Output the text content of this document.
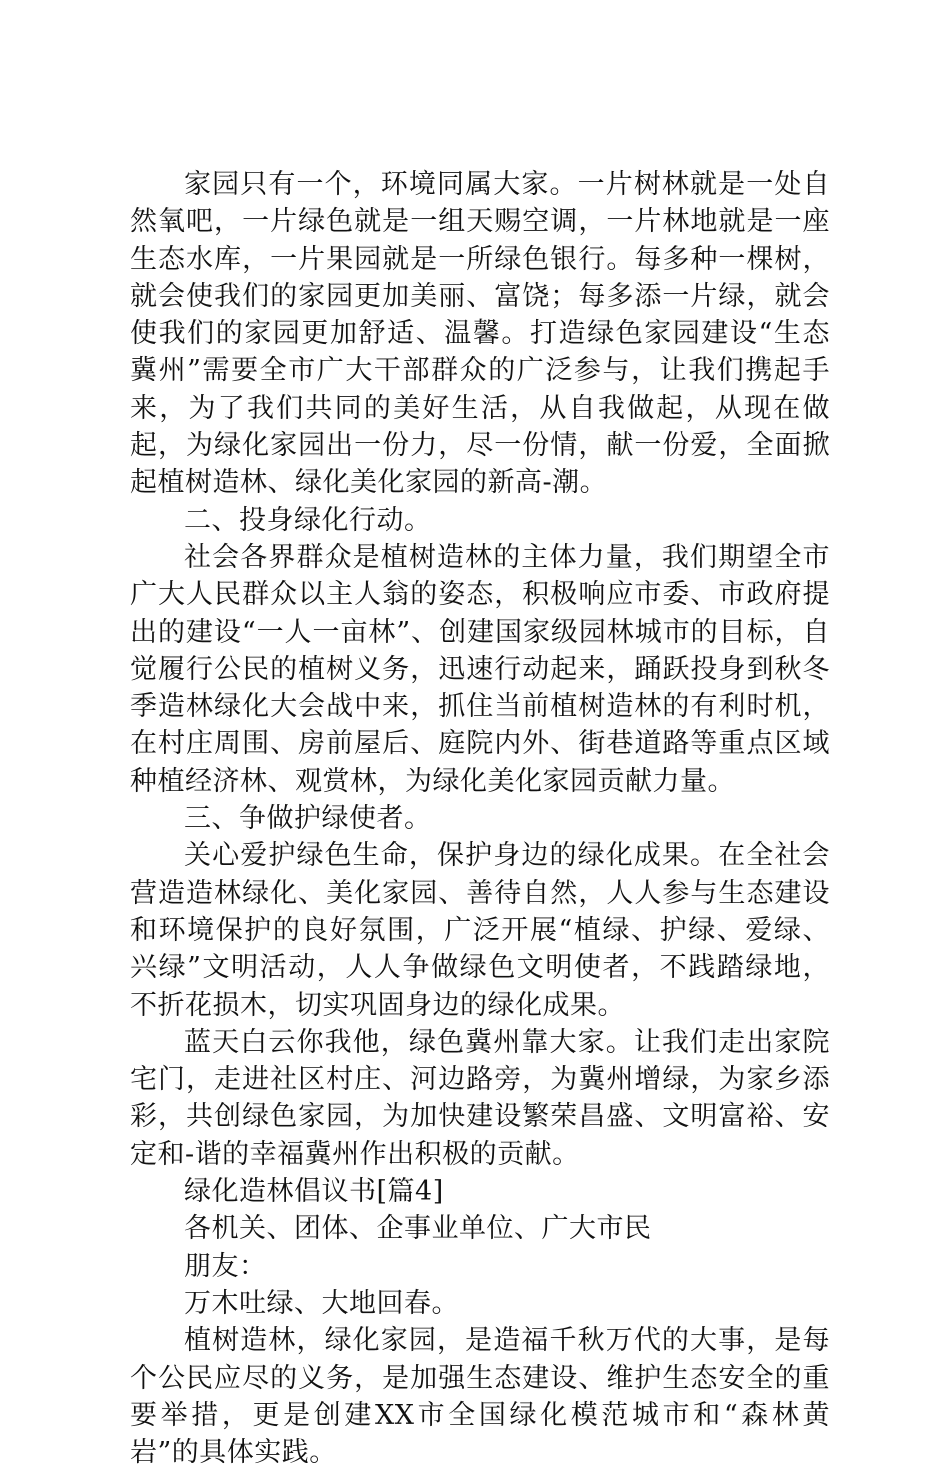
家园只有一个，环境同属大家。一片树林就是一处自然氧吧，一片绿色就是一组天赐空调，一片林地就是一座生态水库，一片果园就是一所绿色银行。每多种一棵树，就会使我们的家园更加美丽、富饶；每多添一片绿，就会使我们的家园更加舒适、温馨。打造绿色家园建设“生态冀州”需要全市广大干部群众的广泛参与，让我们携起手来，为了我们共同的美好生活，从自我做起，从现在做起，为绿化家园出一份力，尽一份情，献一份爱，全面掀起植树造林、绿化美化家园的新高-潮。

二、投身绿化行动。

社会各界群众是植树造林的主体力量，我们期望全市广大人民群众以主人翁的姿态，积极响应市委、市政府提出的建设“一人一亩林”、创建国家级园林城市的目标，自觉履行公民的植树义务，迅速行动起来，踊跃投身到秋冬季造林绿化大会战中来，抓住当前植树造林的有利时机，在村庄周围、房前屋后、庭院内外、街巷道路等重点区域种植经济林、观赏林，为绿化美化家园贡献力量。

三、争做护绿使者。

关心爱护绿色生命，保护身边的绿化成果。在全社会营造造林绿化、美化家园、善待自然，人人参与生态建设和环境保护的良好氛围，广泛开展“植绿、护绿、爱绿、兴绿”文明活动，人人争做绿色文明使者，不践踏绿地，不折花损木，切实巩固身边的绿化成果。

蓝天白云你我他，绿色冀州靠大家。让我们走出家院宅门，走进社区村庄、河边路旁，为冀州增绿，为家乡添彩，共创绿色家园，为加快建设繁荣昌盛、文明富裕、安定和-谐的幸福冀州作出积极的贡献。

绿化造林倡议书[篇4]

各机关、团体、企事业单位、广大市民

朋友：

万木吐绿、大地回春。

植树造林，绿化家园，是造福千秋万代的大事，是每个公民应尽的义务，是加强生态建设、维护生态安全的重要举措，更是创建XX市全国绿化模范城市和“森林黄岩”的具体实践。
